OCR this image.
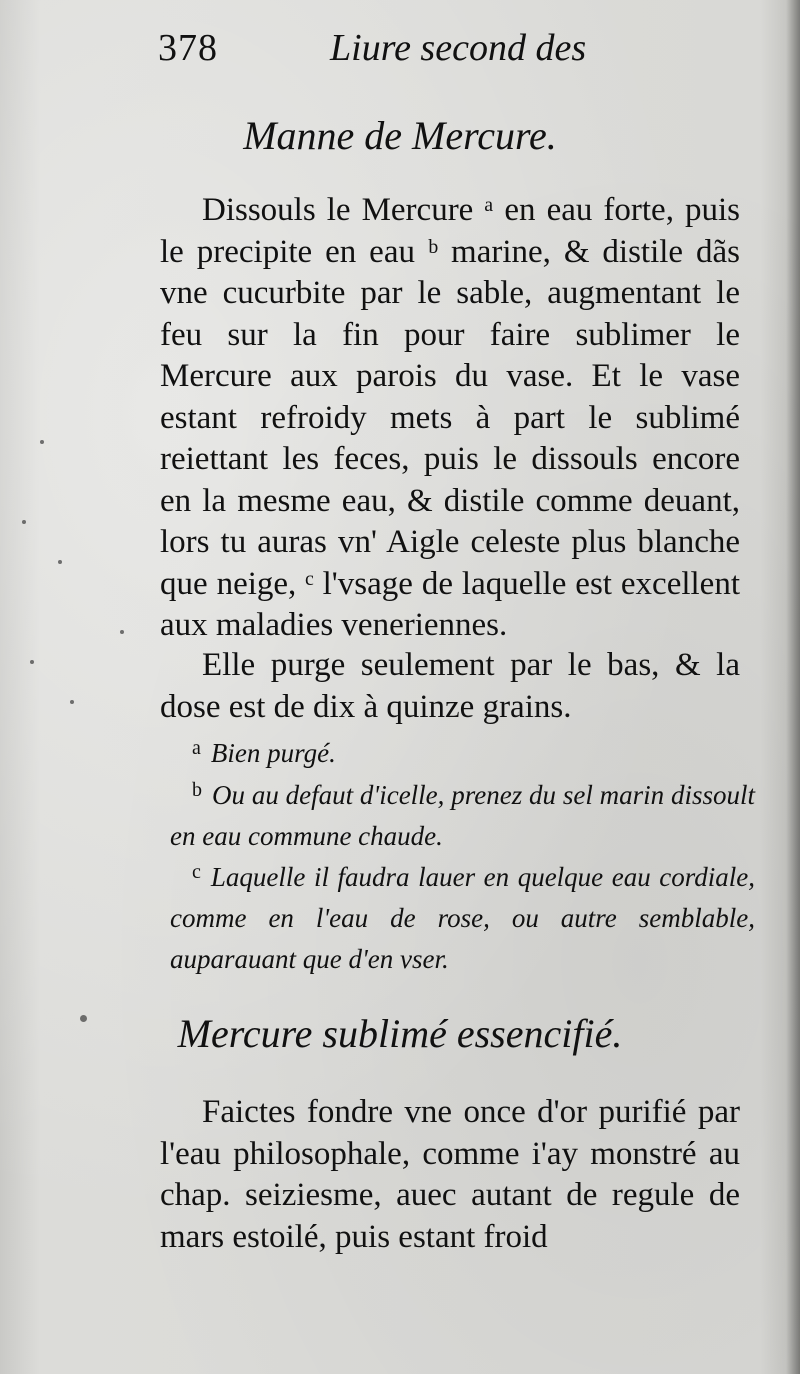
378	Liure second des
Manne de Mercure.

Dissouls le Mercure ᵃ en eau forte, puis le precipite en eau ᵇ marine, & distile dãs vne cucurbite par le sable, augmentant le feu sur la fin pour faire sublimer le Mercure aux parois du vase. Et le vase estant refroidy mets à part le sublimé reiettant les feces, puis le dissouls encore en la mesme eau, & distile comme deuant, lors tu auras vn' Aigle celeste plus blanche que neige, ᶜ l'vsage de laquelle est excellent aux maladies veneriennes.

Elle purge seulement par le bas, & la dose est de dix à quinze grains.

$^a$ Bien purgé.

$^b$ Ou au defaut d'icelle, prenez du sel marin dissoult en eau commune chaude.

$^c$ Laquelle il faudra lauer en quelque eau cordiale, comme en l'eau de rose, ou autre semblable, auparauant que d'en vser.

Mercure sublimé essencifié.

Faictes fondre vne once d'or purifié par l'eau philosophale, comme i'ay monstré au chap. seiziesme, auec autant de regule de mars estoilé, puis estant froid
